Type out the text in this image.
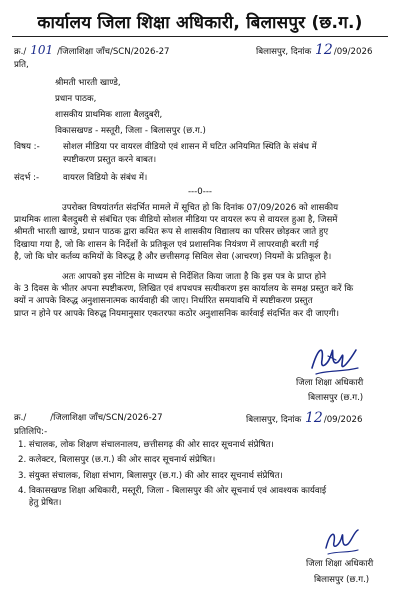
कार्यालय जिला शिक्षा अधिकारी, बिलासपुर (छ.ग.)
क्र./ 101 /जिलाशिक्षा जाँच/SCN/2026-27	बिलासपुर, दिनांक 12/09/2026
प्रति,
श्रीमती भारती खाण्डे,
प्रधान पाठक,
शासकीय प्राथमिक शाला बैलदुबरी,
विकासखण्ड - मस्तूरी, जिला - बिलासपुर (छ.ग.)
विषय :-	सोशल मीडिया पर वायरल वीडियो एवं शासन में घटित अनियमित स्थिति के संबंध में
स्पष्टीकरण प्रस्तुत करने बाबत।
संदर्भ :-	वायरल विडियो के संबंध में।
---0---
उपरोक्त विषयांतर्गत संदर्भित मामले में सूचित हो कि दिनांक 07/09/2026 को शासकीय
प्राथमिक शाला बैलदुबरी से संबंधित एक वीडियो सोशल मीडिया पर वायरल रूप से वायरल हुआ है, जिसमें
श्रीमती भारती खाण्डे, प्रधान पाठक द्वारा कथित रूप से शासकीय विद्यालय का परिसर छोड़कर जाते हुए
दिखाया गया है, जो कि शासन के निर्देशों के प्रतिकूल एवं प्रशासनिक नियंत्रण में लापरवाही बरती गई
है, जो कि घोर कर्तव्य कमियों के विरुद्ध है और छत्तीसगढ़ सिविल सेवा (आचरण) नियमों के प्रतिकूल है।
अतः आपको इस नोटिस के माध्यम से निर्देशित किया जाता है कि इस पत्र के प्राप्त होने
के 3 दिवस के भीतर अपना स्पष्टीकरण, लिखित एवं शपथपत्र सत्यीकरण इस कार्यालय के समक्ष प्रस्तुत करें कि
क्यों न आपके विरुद्ध अनुशासनात्मक कार्यवाही की जाए। निर्धारित समयावधि में स्पष्टीकरण प्रस्तुत
प्राप्त न होने पर आपके विरुद्ध नियमानुसार एकतरफा कठोर अनुशासनिक कार्रवाई संदर्भित कर दी जाएगी।
जिला शिक्षा अधिकारी
बिलासपुर (छ.ग.)
क्र./	/जिलाशिक्षा जाँच/SCN/2026-27	बिलासपुर, दिनांक 12/09/2026
प्रतिलिपि:-
1. संचालक, लोक शिक्षण संचालनालय, छत्तीसगढ़ की ओर सादर सूचनार्थ संप्रेषित।
2. कलेक्टर, बिलासपुर (छ.ग.) की ओर सादर सूचनार्थ संप्रेषित।
3. संयुक्त संचालक, शिक्षा संभाग, बिलासपुर (छ.ग.) की ओर सादर सूचनार्थ संप्रेषित।
4. विकासखण्ड शिक्षा अधिकारी, मस्तूरी, जिला - बिलासपुर की ओर सूचनार्थ एवं आवश्यक कार्यवाई
हेतु प्रेषित।
जिला शिक्षा अधिकारी
बिलासपुर (छ.ग.)
